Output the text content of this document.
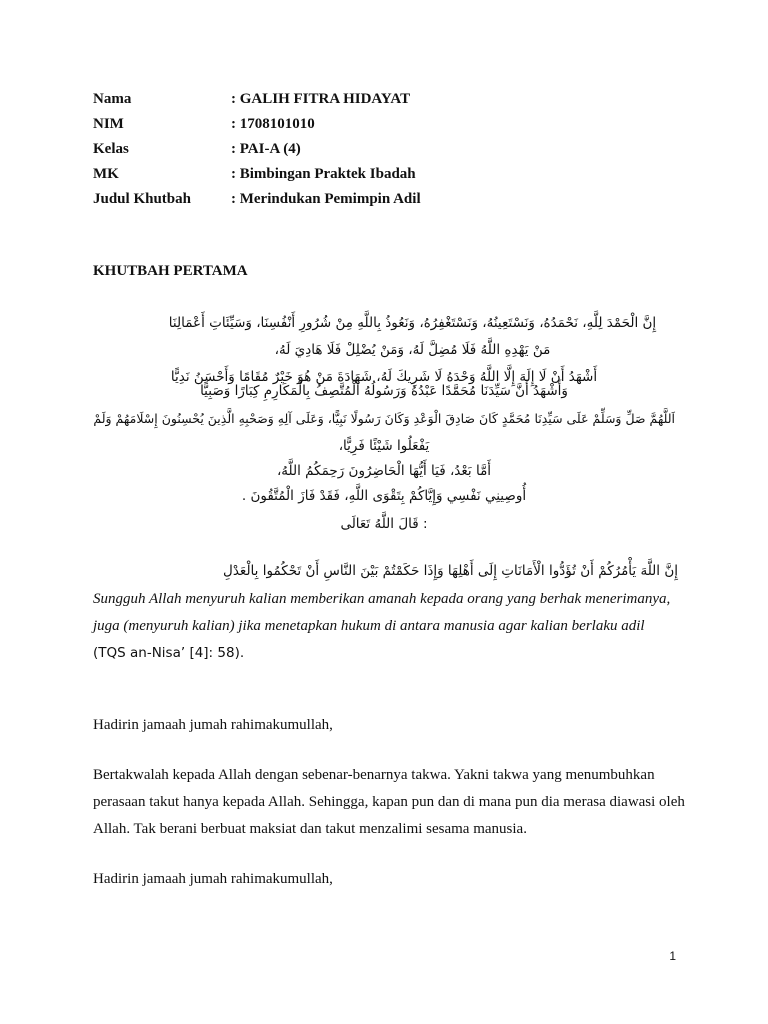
Nama	: GALIH FITRA HIDAYAT
NIM	: 1708101010
Kelas	: PAI-A (4)
MK	: Bimbingan Praktek Ibadah
Judul Khutbah	: Merindukan Pemimpin Adil
KHUTBAH PERTAMA
إِنَّ الْحَمْدَ لِلَّهِ، نَحْمَدُهُ، وَنَسْتَعِينُهُ، وَنَسْتَغْفِرُهُ، وَنَعُوذُ بِاللَّهِ مِنْ شُرُورِ أَنْفُسِنَا، وَسَيِّئَاتِ أَعْمَالِنَا
مَنْ يَهْدِهِ اللَّهُ فَلَا مُضِلَّ لَهُ، وَمَنْ يُضْلِلْ فَلَا هَادِيَ لَهُ،
أَشْهَدُ أَنْ لَا إِلَهَ إِلَّا اللَّهُ وَحْدَهُ لَا شَرِيكَ لَهُ، شَهَادَةَ مَنْ هُوَ خَيْرٌ مُقَامًا وَأَحْسَنُ نَدِيًّا
وَأَشْهَدُ أَنَّ سَيِّدَنَا مُحَمَّدًا عَبْدُهُ وَرَسُولُهُ الْمُتَّصِفُ بِالْمَكَارِمِ كِبَارًا وَصَبِيًّا
اَللَّهُمَّ صَلِّ وَسَلِّمْ عَلَى سَيِّدِنَا مُحَمَّدٍ كَانَ صَادِقَ الْوَعْدِ وَكَانَ رَسُولًا نَبِيًّا، وَعَلَى آلِهِ وَصَحْبِهِ الَّذِينَ يُحْسِنُونَ إِسْلَامَهُمْ وَلَمْ
يَفْعَلُوا شَيْئًا فَرِيًّا،
أَمَّا بَعْدُ، فَيَا أَيُّهَا الْحَاضِرُونَ رَحِمَكُمُ اللَّهُ،
أُوصِينِي نَفْسِي وَإِيَّاكُمْ بِتَقْوَى اللَّهِ، فَقَدْ فَازَ الْمُتَّقُونَ .
: قَالَ اللَّهُ تَعَالَى
إِنَّ اللَّهَ يَأْمُرُكُمْ أَنْ تُؤَدُّوا الْأَمَانَاتِ إِلَى أَهْلِهَا وَإِذَا حَكَمْتُمْ بَيْنَ النَّاسِ أَنْ تَحْكُمُوا بِالْعَدْلِ
Sungguh Allah menyuruh kalian memberikan amanah kepada orang yang berhak menerimanya, juga (menyuruh kalian) jika menetapkan hukum di antara manusia agar kalian berlaku adil (TQS an-Nisa’ [4]: 58).
Hadirin jamaah jumah rahimakumullah,
Bertakwalah kepada Allah dengan sebenar-benarnya takwa. Yakni takwa yang menumbuhkan perasaan takut hanya kepada Allah. Sehingga, kapan pun dan di mana pun dia merasa diawasi oleh Allah. Tak berani berbuat maksiat dan takut menzalimi sesama manusia.
Hadirin jamaah jumah rahimakumullah,
1
